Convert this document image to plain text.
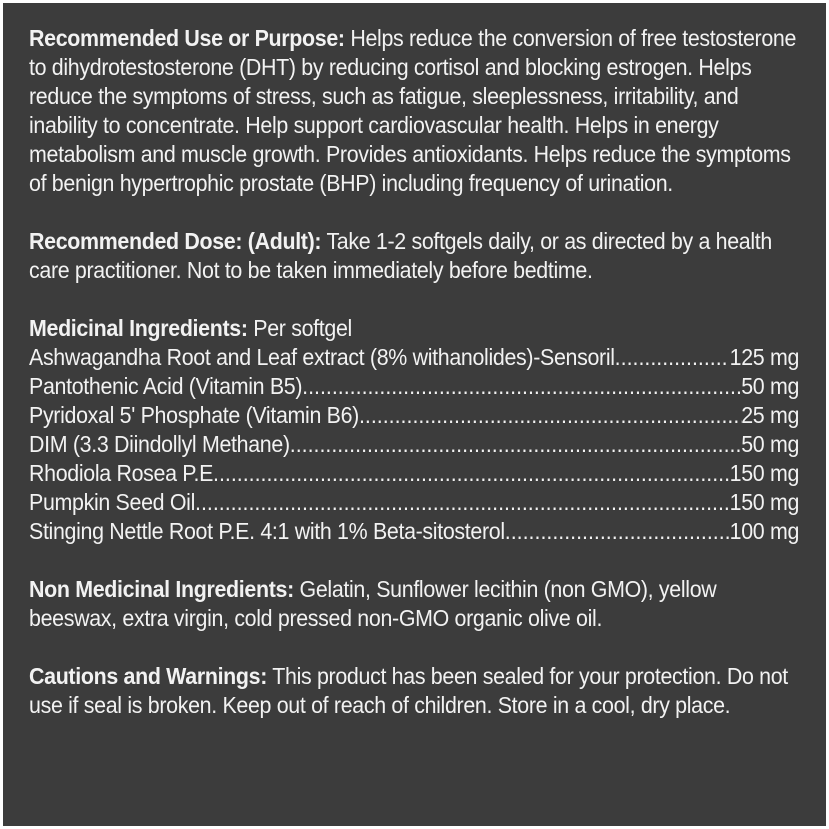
Recommended Use or Purpose: Helps reduce the conversion of free testosterone to dihydrotestosterone (DHT) by reducing cortisol and blocking estrogen. Helps reduce the symptoms of stress, such as fatigue, sleeplessness, irritability, and inability to concentrate. Help support cardiovascular health. Helps in energy metabolism and muscle growth. Provides antioxidants. Helps reduce the symptoms of benign hypertrophic prostate (BHP) including frequency of urination.
Recommended Dose: (Adult): Take 1-2 softgels daily, or as directed by a health care practitioner. Not to be taken immediately before bedtime.
Medicinal Ingredients: Per softgel
Ashwagandha Root and Leaf extract (8% withanolides)-Sensoril .....	125 mg
Pantothenic Acid (Vitamin B5) .....	50 mg
Pyridoxal 5' Phosphate (Vitamin B6) .....	25 mg
DIM (3.3 Diindollyl Methane) .....	50 mg
Rhodiola Rosea P.E .....	150 mg
Pumpkin Seed Oil .....	150 mg
Stinging Nettle Root P.E. 4:1 with 1% Beta-sitosterol .....	100 mg
Non Medicinal Ingredients: Gelatin, Sunflower lecithin (non GMO), yellow beeswax, extra virgin, cold pressed non-GMO organic olive oil.
Cautions and Warnings: This product has been sealed for your protection. Do not use if seal is broken. Keep out of reach of children. Store in a cool, dry place.
